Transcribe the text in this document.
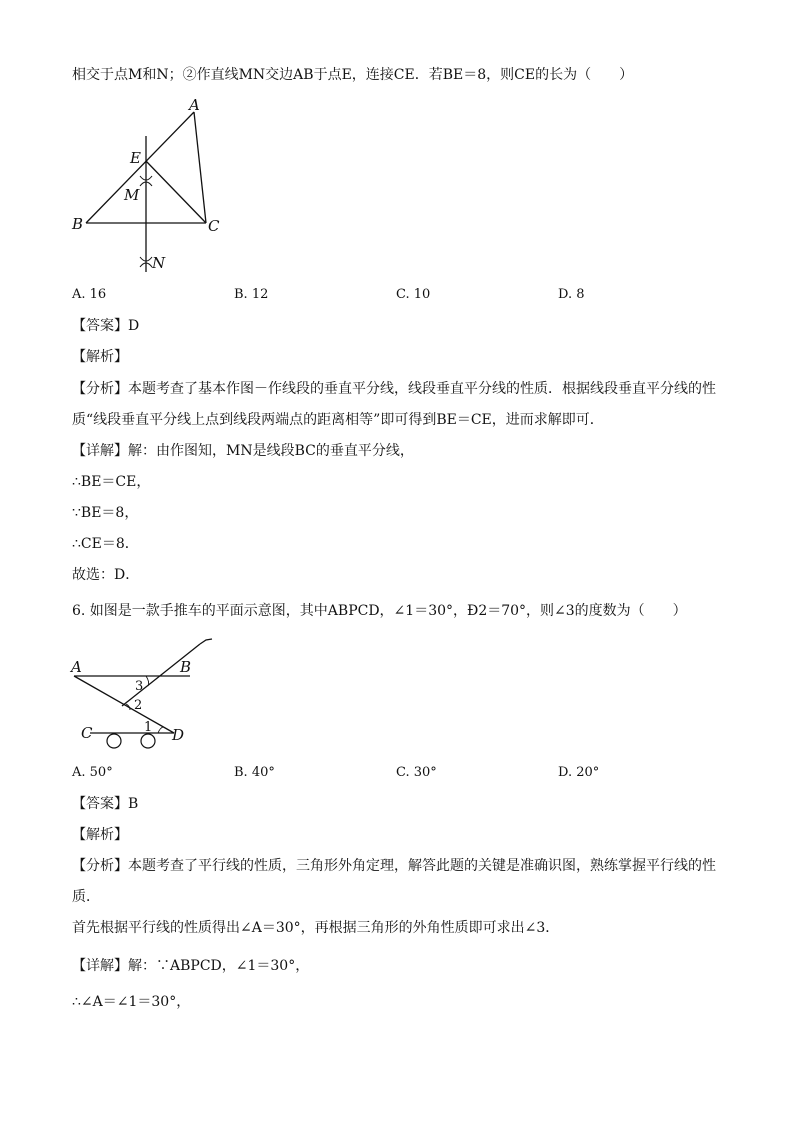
相交于点M和N；②作直线MN交边AB于点E，连接CE．若BE＝8，则CE的长为（　　）
A
E
M
B	C
N
A. 16	B. 12	C. 10	D. 8
【答案】D
【解析】
【分析】本题考查了基本作图－作线段的垂直平分线，线段垂直平分线的性质．根据线段垂直平分线的性
质“线段垂直平分线上点到线段两端点的距离相等”即可得到BE＝CE，进而求解即可．
【详解】解：由作图知，MN是线段BC的垂直平分线，
∴BE＝CE，
∵BE＝8，
∴CE＝8．
故选：D．
6. 如图是一款手推车的平面示意图，其中ABPCD，∠1＝30°，Ð2＝70°，则∠3的度数为（　　）
A	B
C	D
3
2
1
A. 50°	B. 40°	C. 30°	D. 20°
【答案】B
【解析】
【分析】本题考查了平行线的性质，三角形外角定理，解答此题的关键是准确识图，熟练掌握平行线的性
质．
首先根据平行线的性质得出∠A＝30°，再根据三角形的外角性质即可求出∠3．
【详解】解：∵ABPCD，∠1＝30°，
∴∠A＝∠1＝30°，
